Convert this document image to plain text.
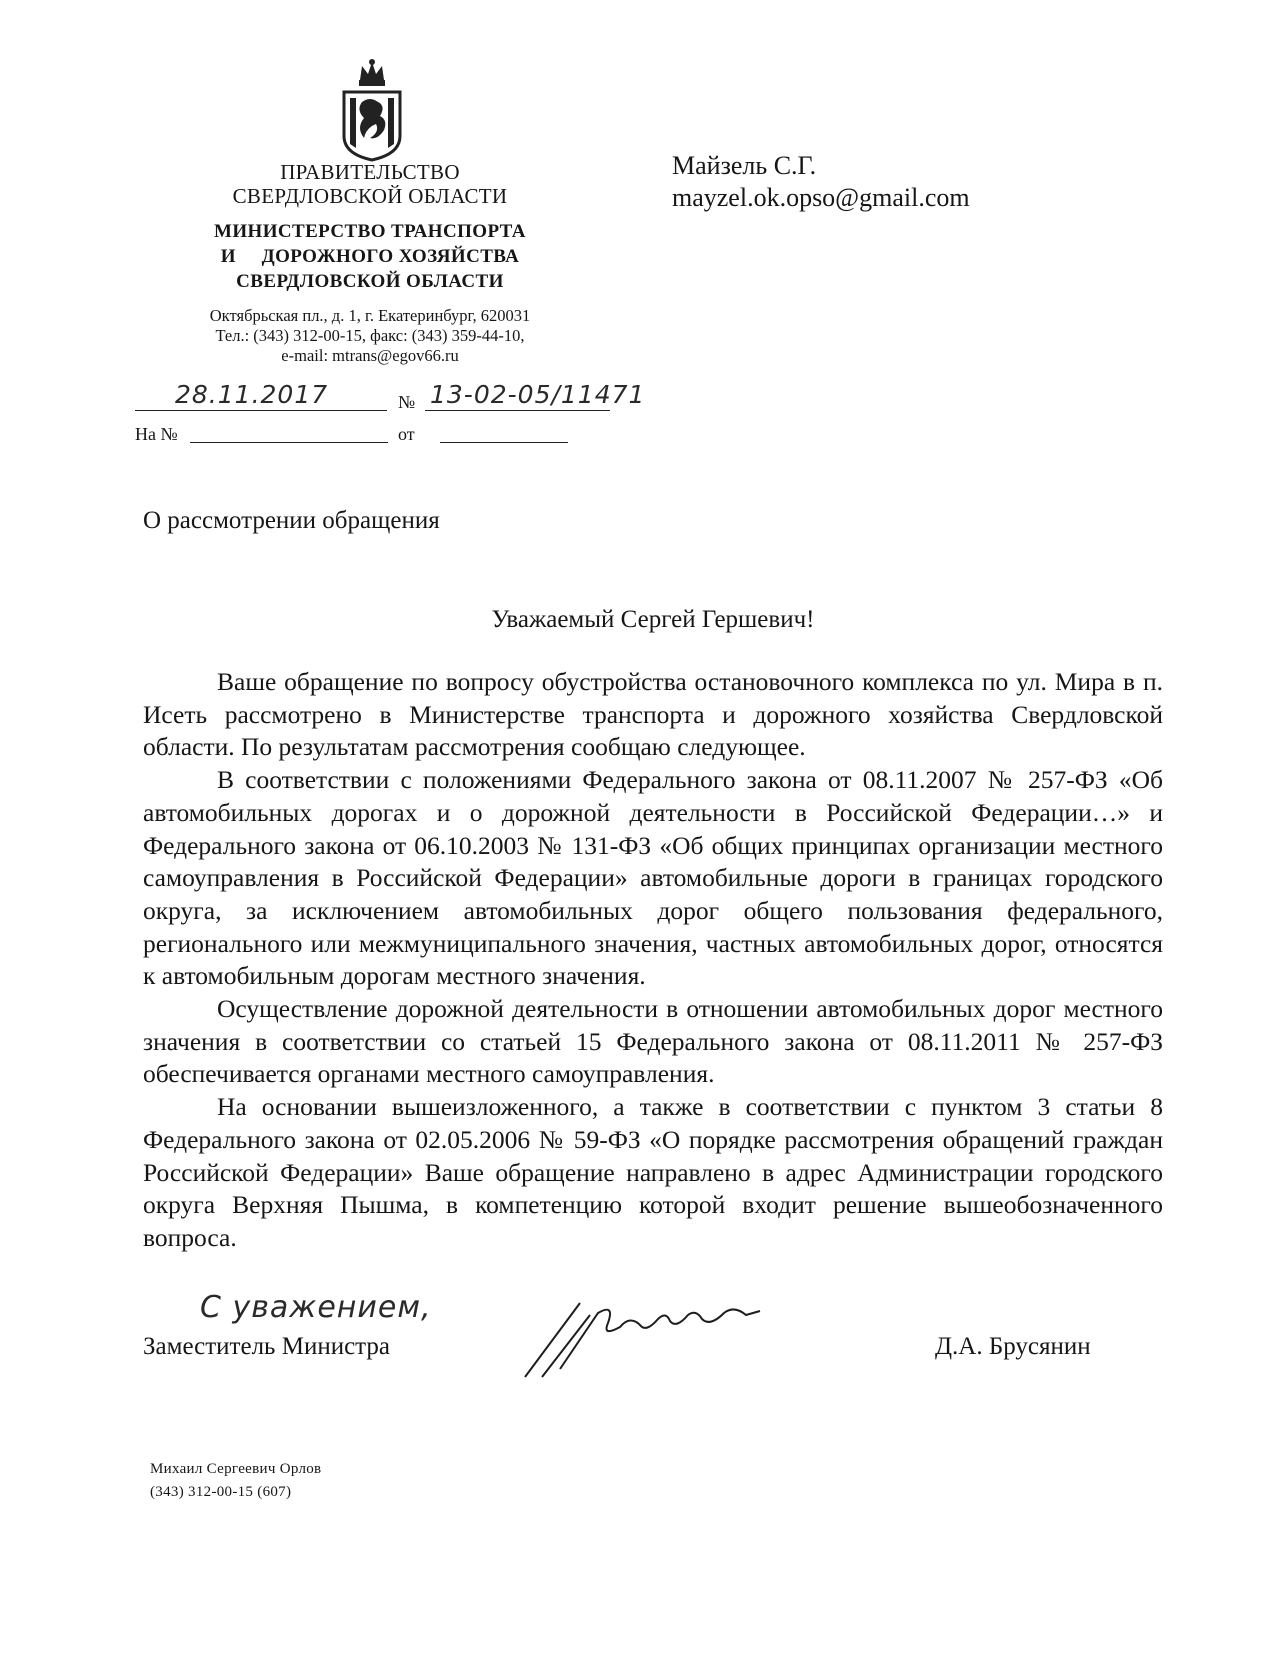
ПРАВИТЕЛЬСТВО
СВЕРДЛОВСКОЙ ОБЛАСТИ
МИНИСТЕРСТВО ТРАНСПОРТА
И     ДОРОЖНОГО ХОЗЯЙСТВА
СВЕРДЛОВСКОЙ ОБЛАСТИ
Октябрьская пл., д. 1, г. Екатеринбург, 620031
Тел.: (343) 312-00-15, факс: (343) 359-44-10,
e-mail: mtrans@egov66.ru
28.11.2017	№ 13-02-05/11471
На №	от
Майзель С.Г.
mayzel.ok.opso@gmail.com
О рассмотрении обращения
Уважаемый Сергей Гершевич!

Ваше обращение по вопросу обустройства остановочного комплекса по ул. Мира в п. Исеть рассмотрено в Министерстве транспорта и дорожного хозяйства Свердловской области. По результатам рассмотрения сообщаю следующее.

В соответствии с положениями Федерального закона от 08.11.2007 № 257-ФЗ «Об автомобильных дорогах и о дорожной деятельности в Российской Федерации…» и Федерального закона от 06.10.2003 № 131-ФЗ «Об общих принципах организации местного самоуправления в Российской Федерации» автомобильные дороги в границах городского округа, за исключением автомобильных дорог общего пользования федерального, регионального или межмуниципального значения, частных автомобильных дорог, относятся к автомобильным дорогам местного значения.

Осуществление дорожной деятельности в отношении автомобильных дорог местного значения в соответствии со статьей 15 Федерального закона от 08.11.2011 № 257-ФЗ обеспечивается органами местного самоуправления.

На основании вышеизложенного, а также в соответствии с пунктом 3 статьи 8 Федерального закона от 02.05.2006 № 59-ФЗ «О порядке рассмотрения обращений граждан Российской Федерации» Ваше обращение направлено в адрес Администрации городского округа Верхняя Пышма, в компетенцию которой входит решение вышеобозначенного вопроса.

С уважением,
Заместитель Министра	Д.А. Брусянин
Михаил Сергеевич Орлов
(343) 312-00-15 (607)
